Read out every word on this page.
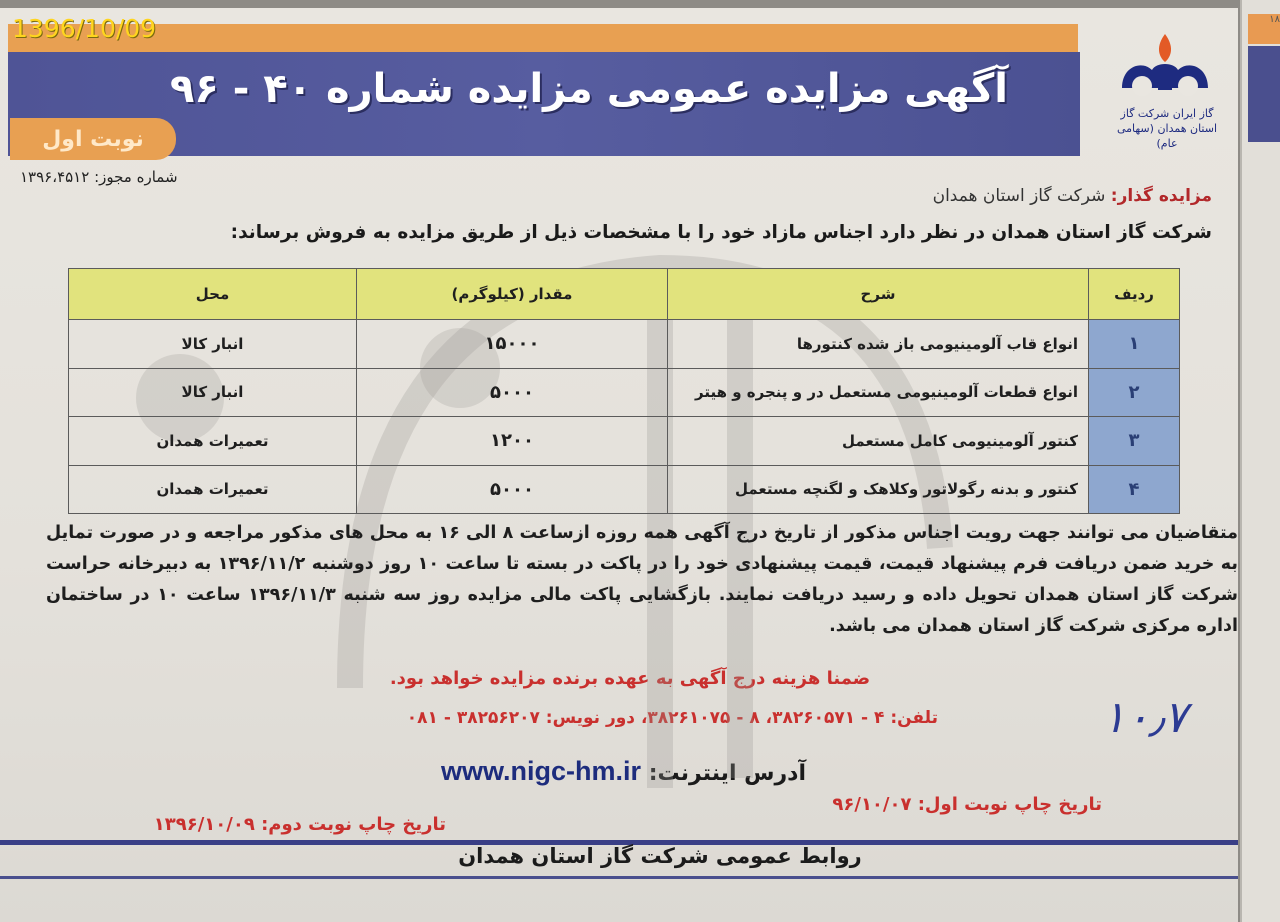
آگهی مزایده عمومی مزایده شماره ۴۰ - ۹۶
نوبت اول
گاز ایران شرکت گاز استان همدان (سهامی عام)
شماره مجوز: ۱۳۹۶،۴۵۱۲
مزایده گذار: شرکت گاز استان همدان
شرکت گاز استان همدان در نظر دارد اجناس مازاد خود را با مشخصات ذیل از طریق مزایده به فروش برساند:
ردیف	شرح	مقدار (کیلوگرم)	محل
۱	انواع قاب آلومینیومی باز شده کنتورها	۱۵۰۰۰	انبار کالا
۲	انواع قطعات آلومینیومی مستعمل در و پنجره و هیتر	۵۰۰۰	انبار کالا
۳	کنتور آلومینیومی کامل مستعمل	۱۲۰۰	تعمیرات همدان
۴	کنتور و بدنه رگولاتور وکلاهک و لگنچه مستعمل	۵۰۰۰	تعمیرات همدان
متقاضیان می توانند جهت رویت اجناس مذکور از تاریخ درج آگهی همه روزه ازساعت ۸ الی ۱۶ به محل های مذکور مراجعه و در صورت تمایل به خرید ضمن دریافت فرم پیشنهاد قیمت، قیمت پیشنهادی خود را در پاکت در بسته تا ساعت ۱۰ روز دوشنبه ۱۳۹۶/۱۱/۲ به دبیرخانه حراست شرکت گاز استان همدان تحویل داده و رسید دریافت نمایند. بازگشایی پاکت مالی مزایده روز سه شنبه ۱۳۹۶/۱۱/۳ ساعت ۱۰ در ساختمان اداره مرکزی شرکت گاز استان همدان می باشد.
ضمنا هزینه درج آگهی به عهده برنده مزایده خواهد بود.
تلفن: ۴ - ۳۸۲۶۰۵۷۱، ۸ - ۳۸۲۶۱۰۷۵، دور نویس: ۳۸۲۵۶۲۰۷ - ۰۸۱	۱۰٫۷
آدرس اینترنت: www.nigc-hm.ir
تاریخ چاپ نوبت اول: ۹۶/۱۰/۰۷
تاریخ چاپ نوبت دوم: ۱۳۹۶/۱۰/۰۹
روابط عمومی شرکت گاز استان همدان
۱۸
1396/10/09
